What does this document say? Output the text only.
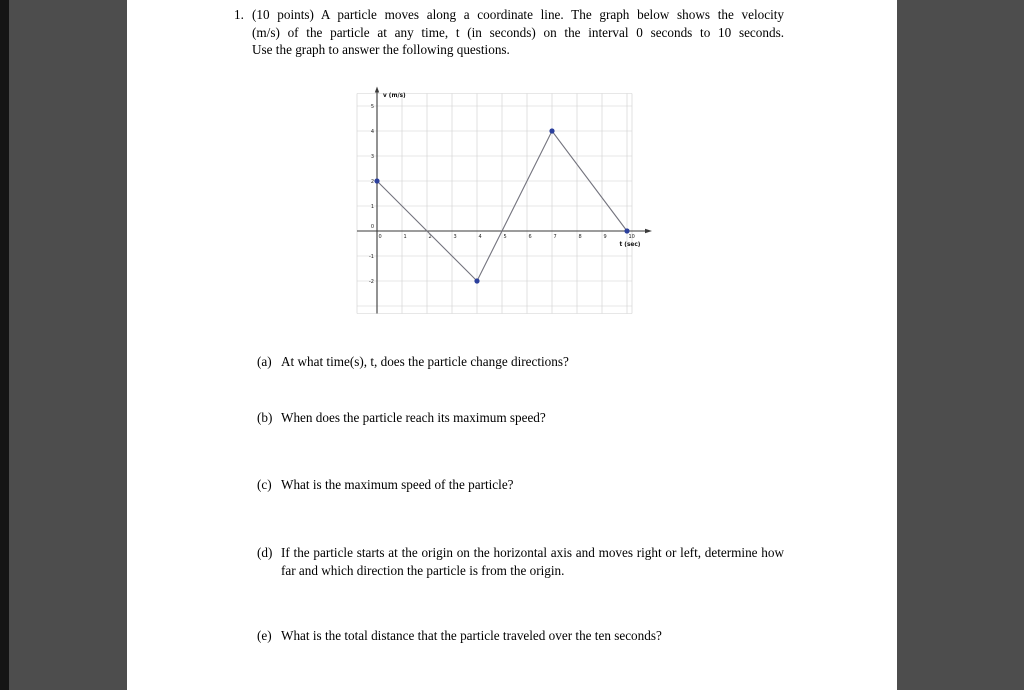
1. (10 points) A particle moves along a coordinate line. The graph below shows the velocity
(m/s) of the particle at any time, t (in seconds) on the interval 0 seconds to 10 seconds.
Use the graph to answer the following questions.

5
4
3
2
1
0
-1
-2
0	1	2	3	4	5	6	7	8	9	10
v (m/s)
t (sec)
(a) At what time(s), t, does the particle change directions?
(b) When does the particle reach its maximum speed?
(c) What is the maximum speed of the particle?
(d) If the particle starts at the origin on the horizontal axis and moves right or left, determine how far and which direction the particle is from the origin.
(e) What is the total distance that the particle traveled over the ten seconds?
